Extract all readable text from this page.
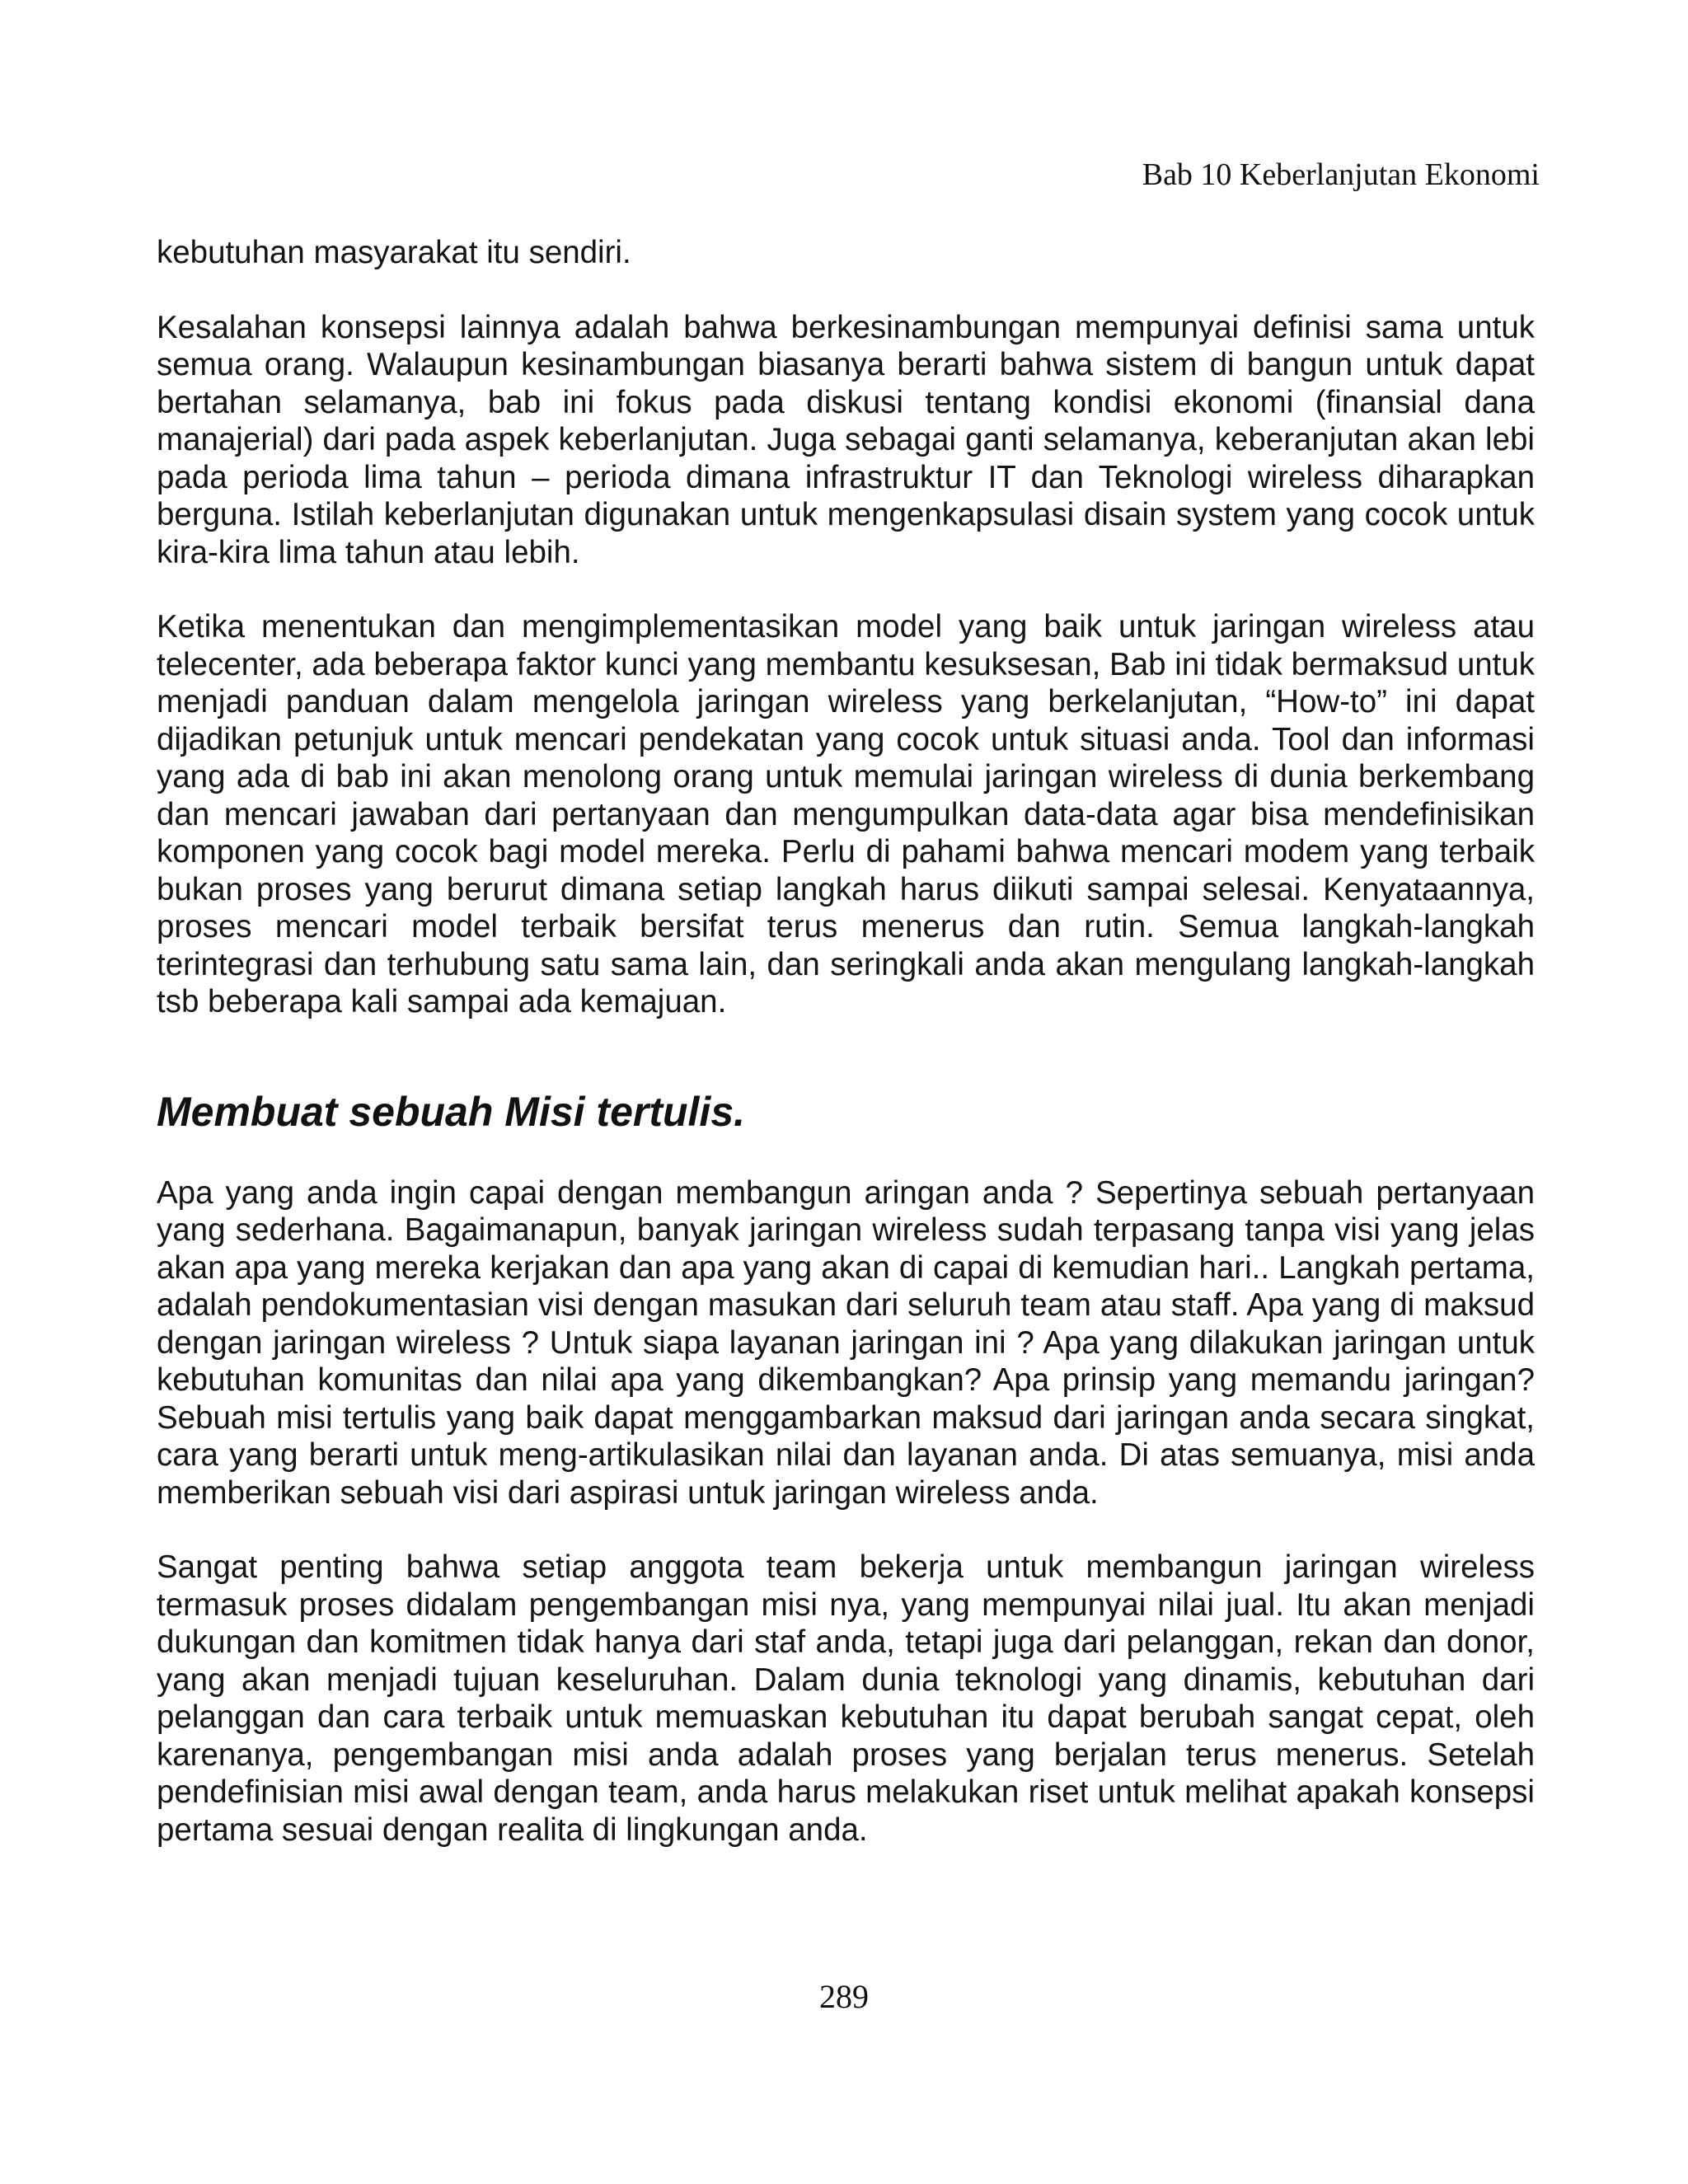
Bab 10 Keberlanjutan Ekonomi

kebutuhan masyarakat itu sendiri.

Kesalahan konsepsi lainnya adalah bahwa berkesinambungan mempunyai definisi sama untuk semua orang. Walaupun kesinambungan biasanya berarti bahwa sistem di bangun untuk dapat bertahan selamanya, bab ini fokus pada diskusi tentang kondisi ekonomi (finansial dana manajerial) dari pada aspek keberlanjutan. Juga sebagai ganti selamanya, keberanjutan akan lebi pada perioda lima tahun – perioda dimana infrastruktur IT dan Teknologi wireless diharapkan berguna. Istilah keberlanjutan digunakan untuk mengenkapsulasi disain system yang cocok untuk kira-kira lima tahun atau lebih.

Ketika menentukan dan mengimplementasikan model yang baik untuk jaringan wireless atau telecenter, ada beberapa faktor kunci yang membantu kesuksesan, Bab ini tidak bermaksud untuk menjadi panduan dalam mengelola jaringan wireless yang berkelanjutan, “How-to” ini dapat dijadikan petunjuk untuk mencari pendekatan yang cocok untuk situasi anda. Tool dan informasi yang ada di bab ini akan menolong orang untuk memulai jaringan wireless di dunia berkembang dan mencari jawaban dari pertanyaan dan mengumpulkan data-data agar bisa mendefinisikan komponen yang cocok bagi model mereka. Perlu di pahami bahwa mencari modem yang terbaik bukan proses yang berurut dimana setiap langkah harus diikuti sampai selesai. Kenyataannya, proses mencari model terbaik bersifat terus menerus dan rutin. Semua langkah-langkah terintegrasi dan terhubung satu sama lain, dan seringkali anda akan mengulang langkah-langkah tsb beberapa kali sampai ada kemajuan.

Membuat sebuah Misi tertulis.

Apa yang anda ingin capai dengan membangun aringan anda ? Sepertinya sebuah pertanyaan yang sederhana. Bagaimanapun, banyak jaringan wireless sudah terpasang tanpa visi yang jelas akan apa yang mereka kerjakan dan apa yang akan di capai di kemudian hari.. Langkah pertama, adalah pendokumentasian visi dengan masukan dari seluruh team atau staff. Apa yang di maksud dengan jaringan wireless ? Untuk siapa layanan jaringan ini ? Apa yang dilakukan jaringan untuk kebutuhan komunitas dan nilai apa yang dikembangkan? Apa prinsip yang memandu jaringan? Sebuah misi tertulis yang baik dapat menggambarkan maksud dari jaringan anda secara singkat, cara yang berarti untuk meng-artikulasikan nilai dan layanan anda. Di atas semuanya, misi anda memberikan sebuah visi dari aspirasi untuk jaringan wireless anda.

Sangat penting bahwa setiap anggota team bekerja untuk membangun jaringan wireless termasuk proses didalam pengembangan misi nya, yang mempunyai nilai jual. Itu akan menjadi dukungan dan komitmen tidak hanya dari staf anda, tetapi juga dari pelanggan, rekan dan donor, yang akan menjadi tujuan keseluruhan. Dalam dunia teknologi yang dinamis, kebutuhan dari pelanggan dan cara terbaik untuk memuaskan kebutuhan itu dapat berubah sangat cepat, oleh karenanya, pengembangan misi anda adalah proses yang berjalan terus menerus. Setelah pendefinisian misi awal dengan team, anda harus melakukan riset untuk melihat apakah konsepsi pertama sesuai dengan realita di lingkungan anda.

289
